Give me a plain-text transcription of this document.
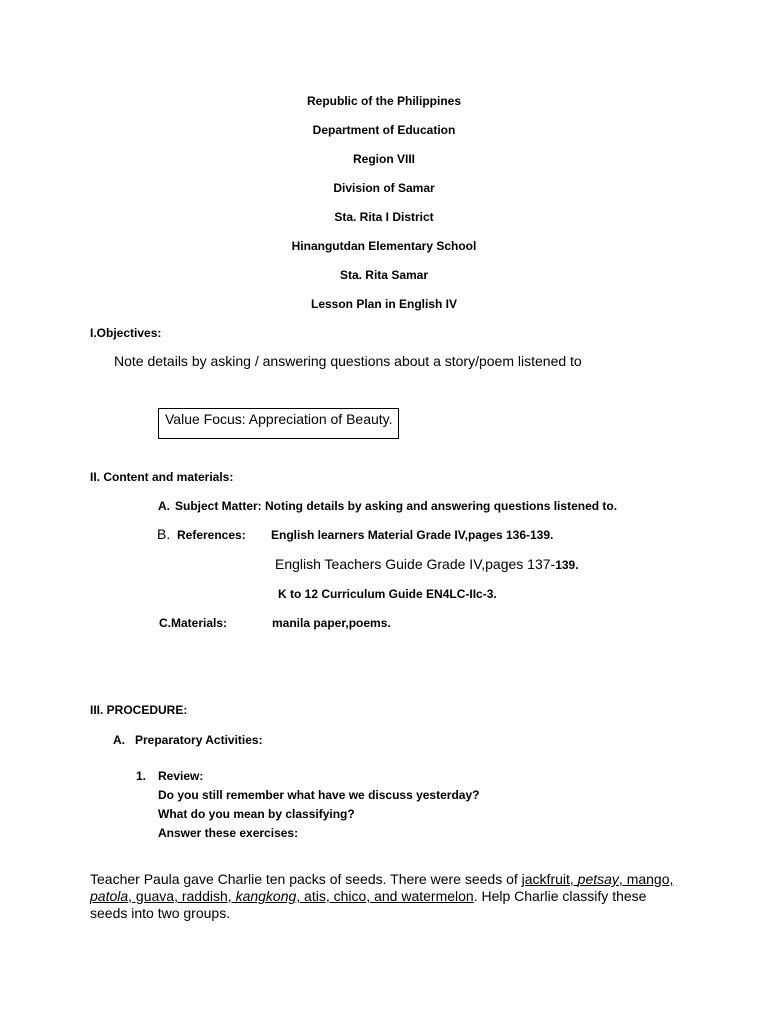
Republic of the Philippines
Department of Education
Region VIII
Division of Samar
Sta. Rita I District
Hinangutdan Elementary School
Sta. Rita Samar
Lesson Plan in English IV
I.Objectives:
Note details by asking / answering questions about a story/poem listened to
Value Focus: Appreciation of Beauty.
II. Content and materials:
A. Subject Matter: Noting details by asking and answering questions listened to.
B. References: English learners Material Grade IV,pages 136-139.
English Teachers Guide Grade IV,pages 137-139.
K to 12 Curriculum Guide EN4LC-IIc-3.
C.Materials:	manila paper,poems.
III. PROCEDURE:
A. Preparatory Activities:
1. Review:
Do you still remember what have we discuss yesterday?
What do you mean by classifying?
Answer these exercises:
Teacher Paula gave Charlie ten packs of seeds. There were seeds of jackfruit, petsay, mango, patola, guava, raddish, kangkong, atis, chico, and watermelon. Help Charlie classify these seeds into two groups.
